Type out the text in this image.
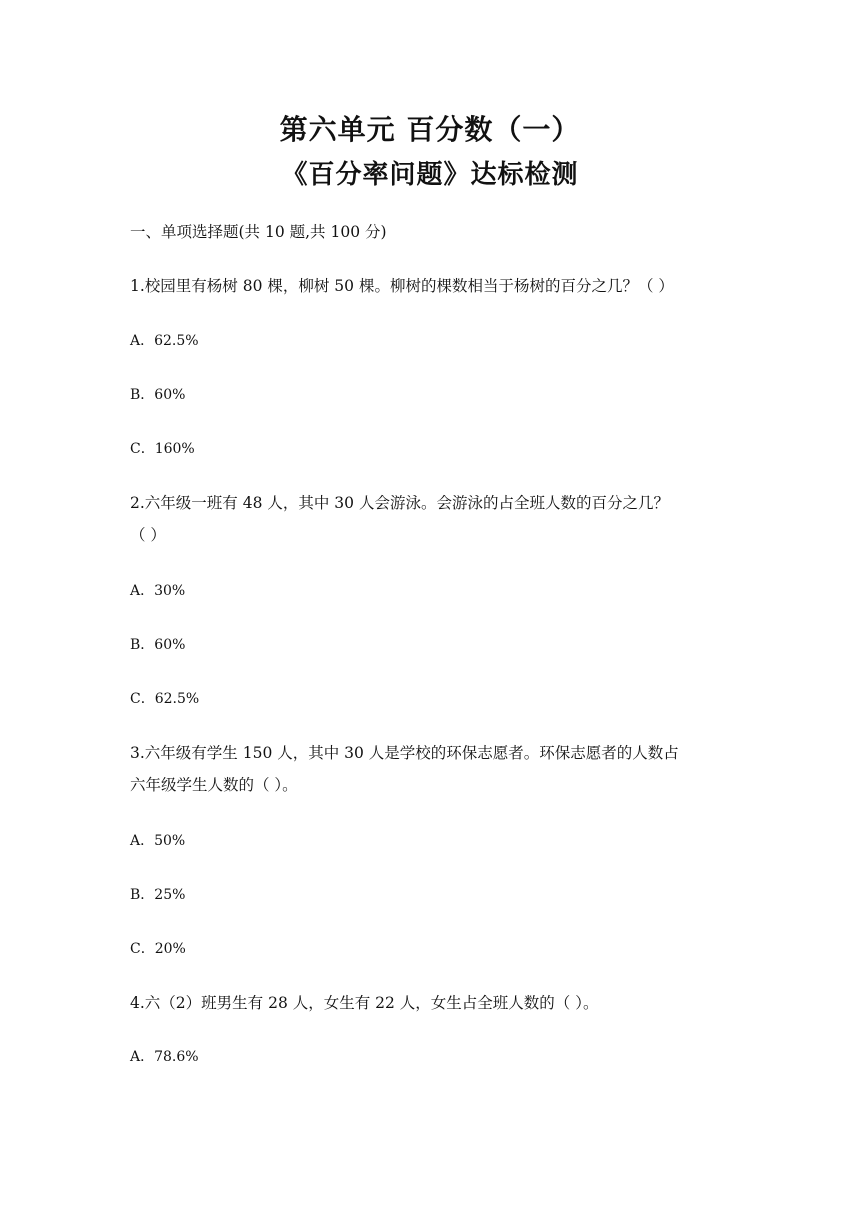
第六单元 百分数（一）
《百分率问题》达标检测
一、单项选择题(共 10 题,共 100 分)
1.校园里有杨树 80 棵，柳树 50 棵。柳树的棵数相当于杨树的百分之几？（ ）
A．62.5%
B．60%
C．160%
2.六年级一班有 48 人，其中 30 人会游泳。会游泳的占全班人数的百分之几？
（ ）
A．30%
B．60%
C．62.5%
3.六年级有学生 150 人，其中 30 人是学校的环保志愿者。环保志愿者的人数占
六年级学生人数的（ ）。
A．50%
B．25%
C．20%
4.六（2）班男生有 28 人，女生有 22 人，女生占全班人数的（ ）。
A．78.6%
